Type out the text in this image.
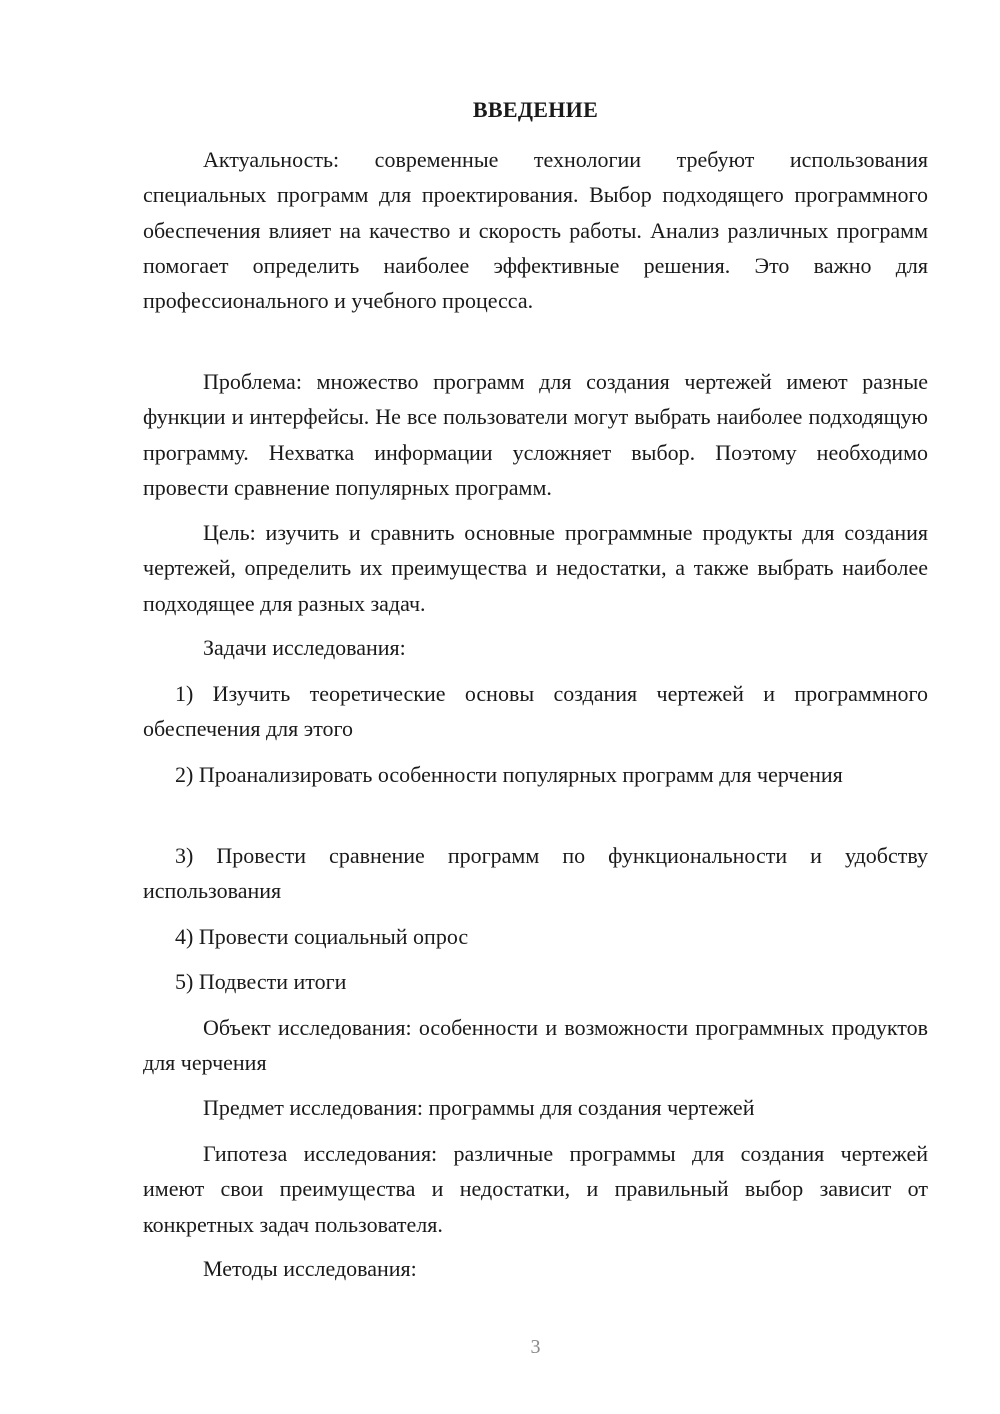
ВВЕДЕНИЕ

Актуальность: современные технологии требуют использования специальных программ для проектирования. Выбор подходящего программного обеспечения влияет на качество и скорость работы. Анализ различных программ помогает определить наиболее эффективные решения. Это важно для профессионального и учебного процесса.

Проблема: множество программ для создания чертежей имеют разные функции и интерфейсы. Не все пользователи могут выбрать наиболее подходящую программу. Нехватка информации усложняет выбор. Поэтому необходимо провести сравнение популярных программ.

Цель: изучить и сравнить основные программные продукты для создания чертежей, определить их преимущества и недостатки, а также выбрать наиболее подходящее для разных задач.

Задачи исследования:

1) Изучить теоретические основы создания чертежей и программного обеспечения для этого

2) Проанализировать особенности популярных программ для черчения

3) Провести сравнение программ по функциональности и удобству использования

4) Провести социальный опрос

5) Подвести итоги

Объект исследования: особенности и возможности программных продуктов для черчения

Предмет исследования: программы для создания чертежей

Гипотеза исследования: различные программы для создания чертежей имеют свои преимущества и недостатки, и правильный выбор зависит от конкретных задач пользователя.

Методы исследования:

3
